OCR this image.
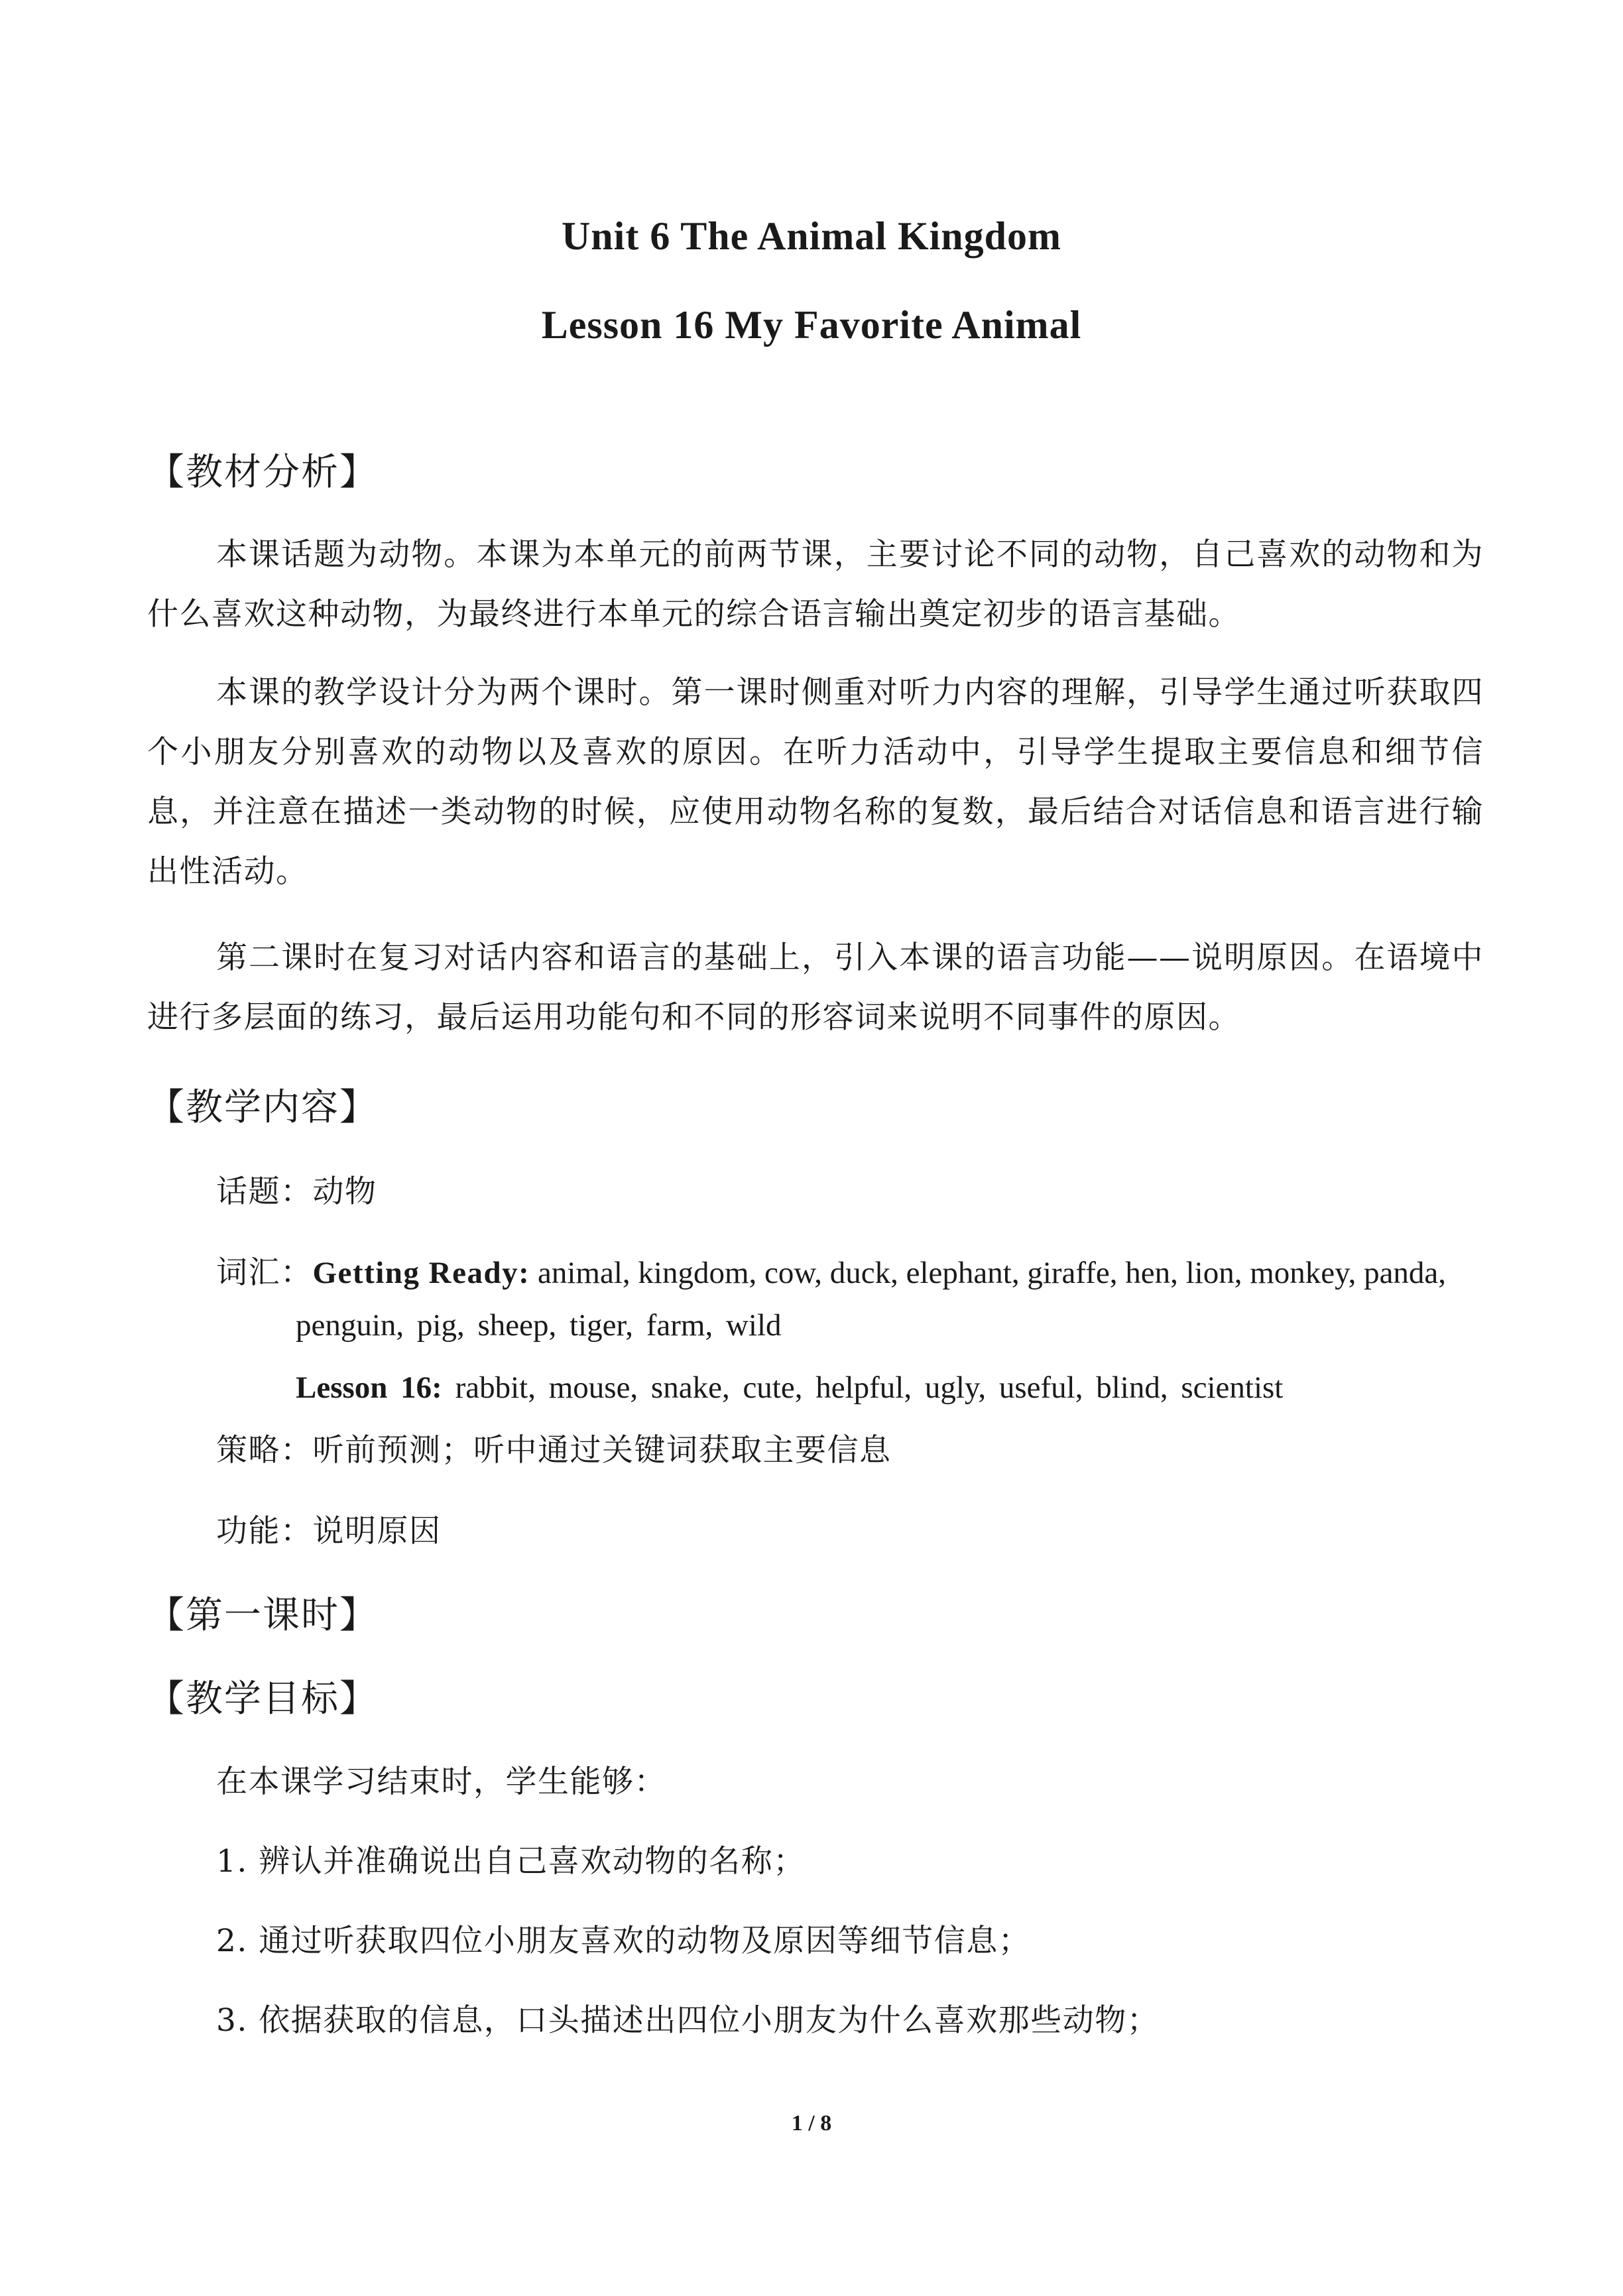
Unit 6 The Animal Kingdom
Lesson 16 My Favorite Animal
【教材分析】
本课话题为动物。本课为本单元的前两节课，主要讨论不同的动物，自己喜欢的动物和为什么喜欢这种动物，为最终进行本单元的综合语言输出奠定初步的语言基础。
本课的教学设计分为两个课时。第一课时侧重对听力内容的理解，引导学生通过听获取四个小朋友分别喜欢的动物以及喜欢的原因。在听力活动中，引导学生提取主要信息和细节信息，并注意在描述一类动物的时候，应使用动物名称的复数，最后结合对话信息和语言进行输出性活动。
第二课时在复习对话内容和语言的基础上，引入本课的语言功能——说明原因。在语境中进行多层面的练习，最后运用功能句和不同的形容词来说明不同事件的原因。
【教学内容】
话题：动物
词汇：Getting Ready: animal, kingdom, cow, duck, elephant, giraffe, hen, lion, monkey, panda,
penguin, pig, sheep, tiger, farm, wild
Lesson 16: rabbit, mouse, snake, cute, helpful, ugly, useful, blind, scientist
策略：听前预测；听中通过关键词获取主要信息
功能：说明原因
【第一课时】
【教学目标】
在本课学习结束时，学生能够：
1. 辨认并准确说出自己喜欢动物的名称；
2. 通过听获取四位小朋友喜欢的动物及原因等细节信息；
3. 依据获取的信息，口头描述出四位小朋友为什么喜欢那些动物；
1 / 8
